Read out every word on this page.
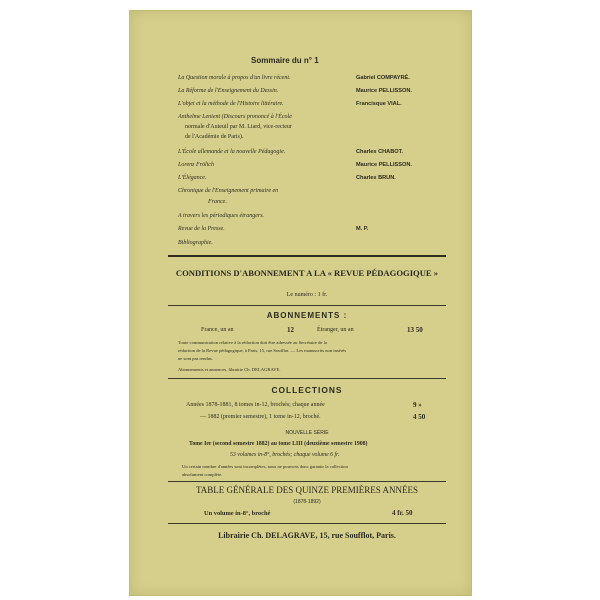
Sommaire du n° 1
La Question morale à propos d'un livre récent.	Gabriel COMPAYRÉ.
La Réforme de l'Enseignement du Dessin.	Maurice PELLISSON.
L'objet et la méthode de l'Histoire littéraire.	Francisque VIAL.
Anthelme Lenient (Discours prononcé à l'École
normale d'Auteuil par M. Liard, vice-recteur
de l'Académie de Paris).
L'École allemande et la nouvelle Pédagogie.	Charles CHABOT.
Lorenz Frölich	Maurice PELLISSON.
L'Élégance.	Charles BRUN.
Chronique de l'Enseignement primaire en
France.
A travers les périodiques étrangers.
Revue de la Presse.	M. P.
Bibliographie.
CONDITIONS D'ABONNEMENT A LA « REVUE PÉDAGOGIQUE »
Le numéro : 1 fr.
ABONNEMENTS :
France, un an	12	Étranger, un an	13 50
Toute communication relative à la rédaction doit être adressée au Secrétaire de la
rédaction de la Revue pédagogique, à Paris, 15, rue Soufflot. — Les manuscrits non insérés
ne sont pas rendus.
Abonnements et annonces, librairie Ch. DELAGRAVE.
COLLECTIONS
Années 1878-1881, 8 tomes in-12, brochés; chaque année	9 »
— 1882 (premier semestre), 1 tome in-12, broché.	4 50
NOUVELLE SÉRIE
Tome Ier (second semestre 1882) au tome LIII (deuxième semestre 1908)
53 volumes in-8°, brochés; chaque volume 6 fr.
Un certain nombre d'années sont incomplètes, nous ne pouvons donc garantir la collection
absolument complète.
TABLE GÉNÉRALE DES QUINZE PREMIÈRES ANNÉES
(1878-1892)
Un volume in-8°, broché	4 fr. 50
Librairie Ch. DELAGRAVE, 15, rue Soufflot, Paris.
